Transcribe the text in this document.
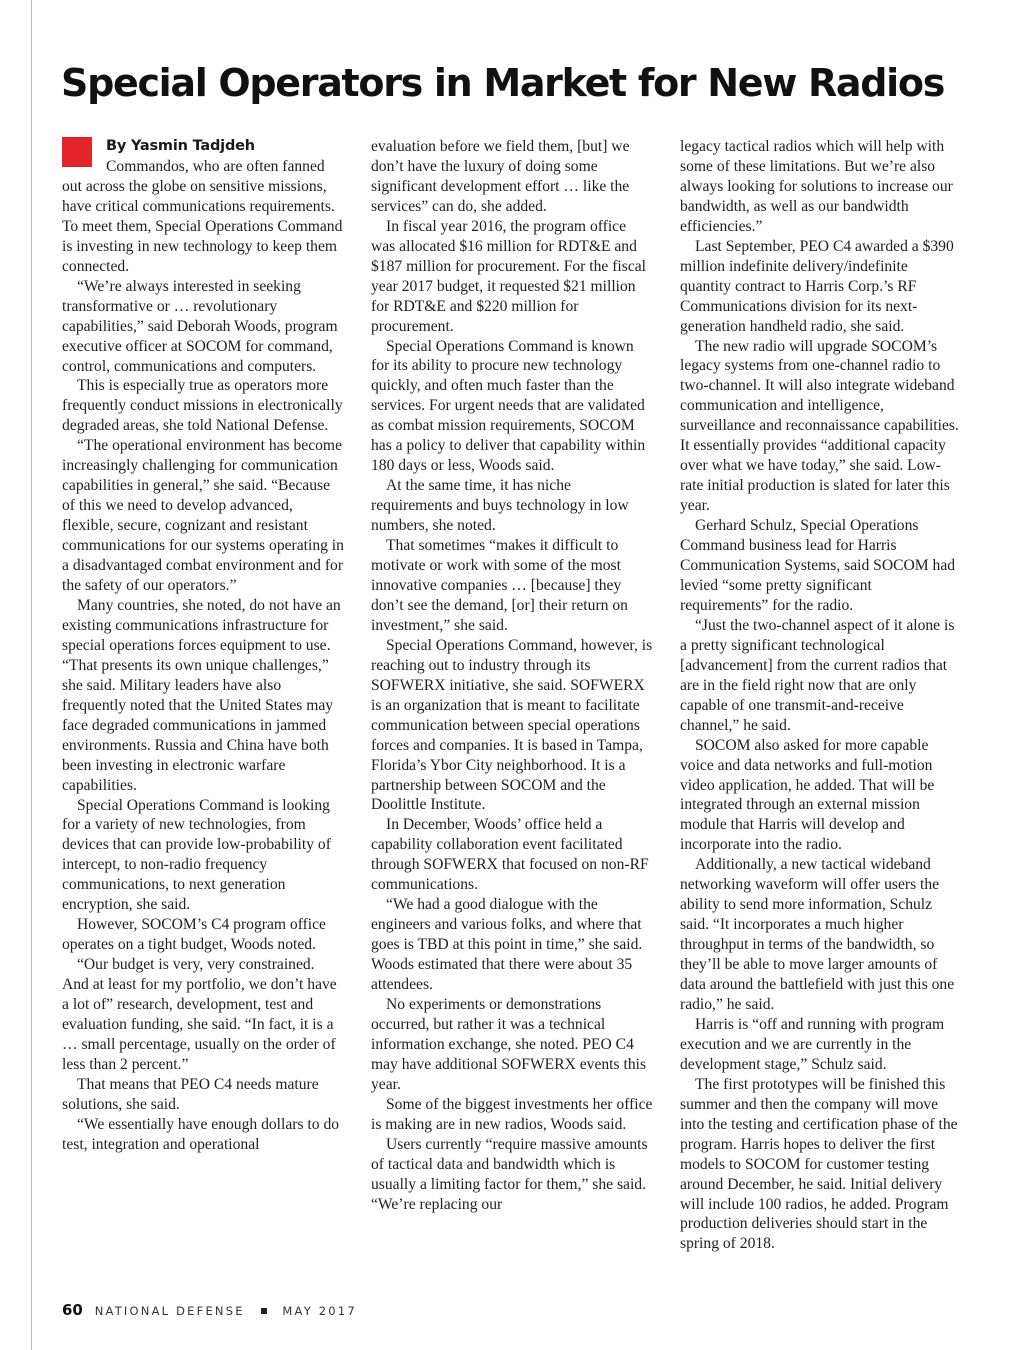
Special Operators in Market for New Radios
By Yasmin Tadjdeh

Commandos, who are often fanned out across the globe on sensitive missions, have critical communications requirements. To meet them, Special Operations Command is investing in new technology to keep them connected.

“We’re always interested in seeking transformative or … revolutionary capabilities,” said Deborah Woods, program executive officer at SOCOM for command, control, communications and computers.

This is especially true as operators more frequently conduct missions in electronically degraded areas, she told National Defense.

“The operational environment has become increasingly challenging for communication capabilities in general,” she said. “Because of this we need to develop advanced, flexible, secure, cognizant and resistant communications for our systems operating in a disadvantaged combat environment and for the safety of our operators.”

Many countries, she noted, do not have an existing communications infrastructure for special operations forces equipment to use. “That presents its own unique challenges,” she said. Military leaders have also frequently noted that the United States may face degraded communications in jammed environments. Russia and China have both been investing in electronic warfare capabilities.

Special Operations Command is looking for a variety of new technologies, from devices that can provide low-probability of intercept, to non-radio frequency communications, to next generation encryption, she said.

However, SOCOM’s C4 program office operates on a tight budget, Woods noted.

“Our budget is very, very constrained. And at least for my portfolio, we don’t have a lot of” research, development, test and evaluation funding, she said. “In fact, it is a … small percentage, usually on the order of less than 2 percent.”

That means that PEO C4 needs mature solutions, she said.

“We essentially have enough dollars to do test, integration and operational

evaluation before we field them, [but] we don’t have the luxury of doing some significant development effort … like the services” can do, she added.

In fiscal year 2016, the program office was allocated $16 million for RDT&E and $187 million for procurement. For the fiscal year 2017 budget, it requested $21 million for RDT&E and $220 million for procurement.

Special Operations Command is known for its ability to procure new technology quickly, and often much faster than the services. For urgent needs that are validated as combat mission requirements, SOCOM has a policy to deliver that capability within 180 days or less, Woods said.

At the same time, it has niche requirements and buys technology in low numbers, she noted.

That sometimes “makes it difficult to motivate or work with some of the most innovative companies … [because] they don’t see the demand, [or] their return on investment,” she said.

Special Operations Command, however, is reaching out to industry through its SOFWERX initiative, she said. SOFWERX is an organization that is meant to facilitate communication between special operations forces and companies. It is based in Tampa, Florida’s Ybor City neighborhood. It is a partnership between SOCOM and the Doolittle Institute.

In December, Woods’ office held a capability collaboration event facilitated through SOFWERX that focused on non-RF communications.

“We had a good dialogue with the engineers and various folks, and where that goes is TBD at this point in time,” she said. Woods estimated that there were about 35 attendees.

No experiments or demonstrations occurred, but rather it was a technical information exchange, she noted. PEO C4 may have additional SOFWERX events this year.

Some of the biggest investments her office is making are in new radios, Woods said.

Users currently “require massive amounts of tactical data and bandwidth which is usually a limiting factor for them,” she said. “We’re replacing our

legacy tactical radios which will help with some of these limitations. But we’re also always looking for solutions to increase our bandwidth, as well as our bandwidth efficiencies.”

Last September, PEO C4 awarded a $390 million indefinite delivery/indefinite quantity contract to Harris Corp.’s RF Communications division for its next-generation handheld radio, she said.

The new radio will upgrade SOCOM’s legacy systems from one-channel radio to two-channel. It will also integrate wideband communication and intelligence, surveillance and reconnaissance capabilities. It essentially provides “additional capacity over what we have today,” she said. Low-rate initial production is slated for later this year.

Gerhard Schulz, Special Operations Command business lead for Harris Communication Systems, said SOCOM had levied “some pretty significant requirements” for the radio.

“Just the two-channel aspect of it alone is a pretty significant technological [advancement] from the current radios that are in the field right now that are only capable of one transmit-and-receive channel,” he said.

SOCOM also asked for more capable voice and data networks and full-motion video application, he added. That will be integrated through an external mission module that Harris will develop and incorporate into the radio.

Additionally, a new tactical wideband networking waveform will offer users the ability to send more information, Schulz said. “It incorporates a much higher throughput in terms of the bandwidth, so they’ll be able to move larger amounts of data around the battlefield with just this one radio,” he said.

Harris is “off and running with program execution and we are currently in the development stage,” Schulz said.

The first prototypes will be finished this summer and then the company will move into the testing and certification phase of the program. Harris hopes to deliver the first models to SOCOM for customer testing around December, he said. Initial delivery will include 100 radios, he added. Program production deliveries should start in the spring of 2018.

60 NATIONAL DEFENSE	MAY 2017
